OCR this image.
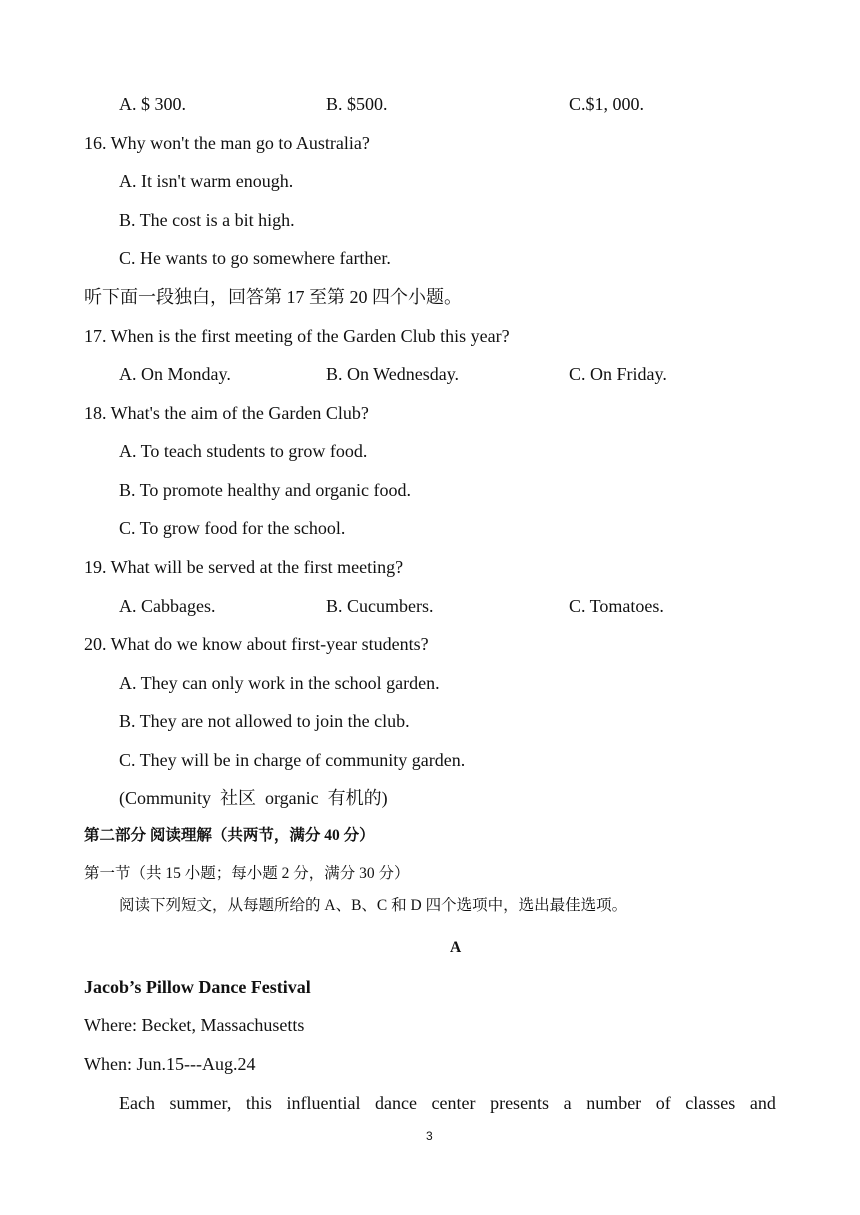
A. $ 300.	B. $500.	C.$1, 000.
16. Why won't the man go to Australia?
A. It isn't warm enough.
B. The cost is a bit high.
C. He wants to go somewhere farther.
听下面一段独白，回答第 17 至第 20 四个小题。
17. When is the first meeting of the Garden Club this year?
A. On Monday.	B. On Wednesday.	C. On Friday.
18. What's the aim of the Garden Club?
A. To teach students to grow food.
B. To promote healthy and organic food.
C. To grow food for the school.
19. What will be served at the first meeting?
A. Cabbages.	B. Cucumbers.	C. Tomatoes.
20. What do we know about first-year students?
A. They can only work in the school garden.
B. They are not allowed to join the club.
C. They will be in charge of community garden.
(Community  社区  organic  有机的)
第二部分 阅读理解（共两节，满分 40 分）
第一节（共 15 小题；每小题 2 分，满分 30 分）
阅读下列短文，从每题所给的 A、B、C 和 D 四个选项中，选出最佳选项。
A
Jacob’s Pillow Dance Festival
Where: Becket, Massachusetts
When: Jun.15---Aug.24
Each summer, this influential dance center presents a number of classes and
3
